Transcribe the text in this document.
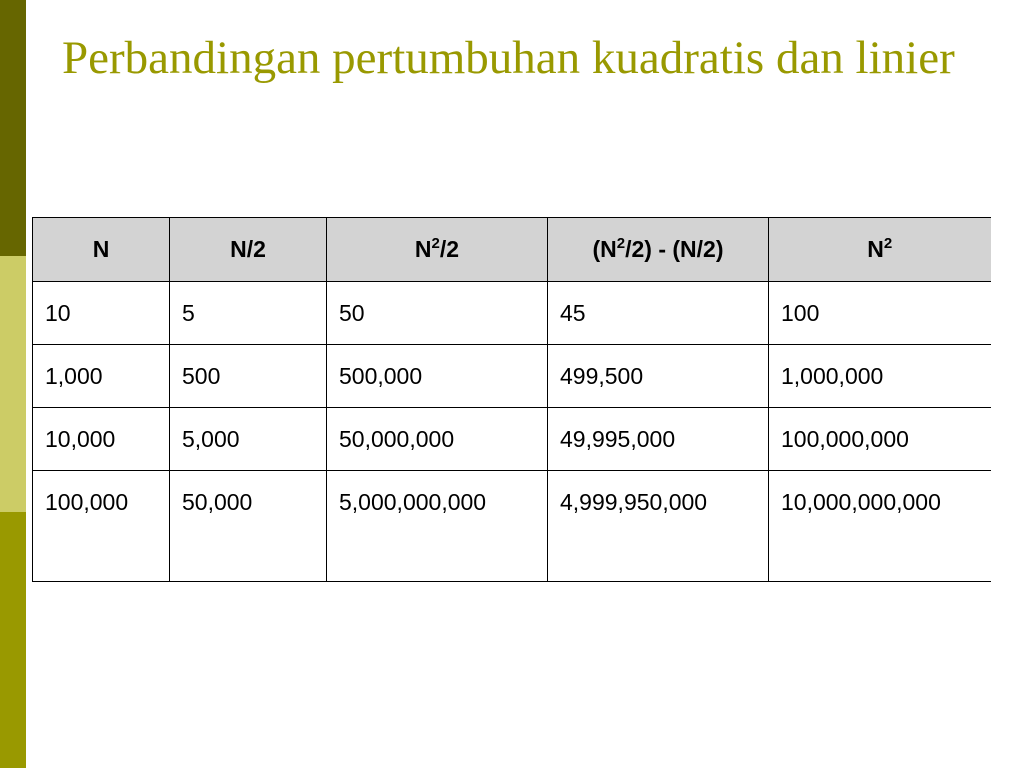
Perbandingan pertumbuhan kuadratis dan linier
N	N/2	$N^2/2$	$(N^2/2) - (N/2)$	$N^2$
10	5	50	45	100
1,000	500	500,000	499,500	1,000,000
10,000	5,000	50,000,000	49,995,000	100,000,000
100,000	50,000	5,000,000,000	4,999,950,000	10,000,000,000
